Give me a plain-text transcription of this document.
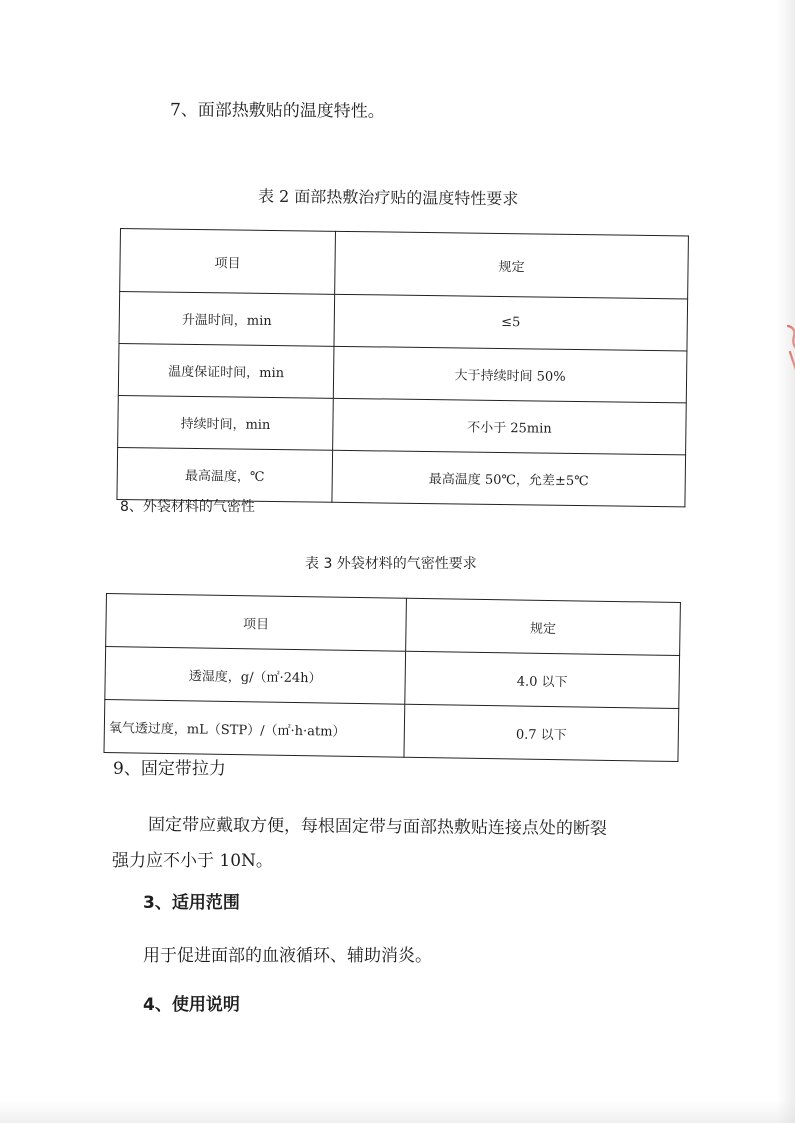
7、面部热敷贴的温度特性。
表 2 面部热敷治疗贴的温度特性要求
项目	规定
升温时间，min	≤5
温度保证时间，min	大于持续时间 50%
持续时间，min	不小于 25min
最高温度，℃	最高温度 50℃，允差±5℃
8、外袋材料的气密性
表 3 外袋材料的气密性要求
项目	规定
透湿度，g/（㎡·24h）	4.0 以下
氧气透过度，mL（STP）/（㎡·h·atm）	0.7 以下
9、固定带拉力
固定带应戴取方便，每根固定带与面部热敷贴连接点处的断裂
强力应不小于 10N。
3、适用范围
用于促进面部的血液循环、辅助消炎。
4、使用说明
